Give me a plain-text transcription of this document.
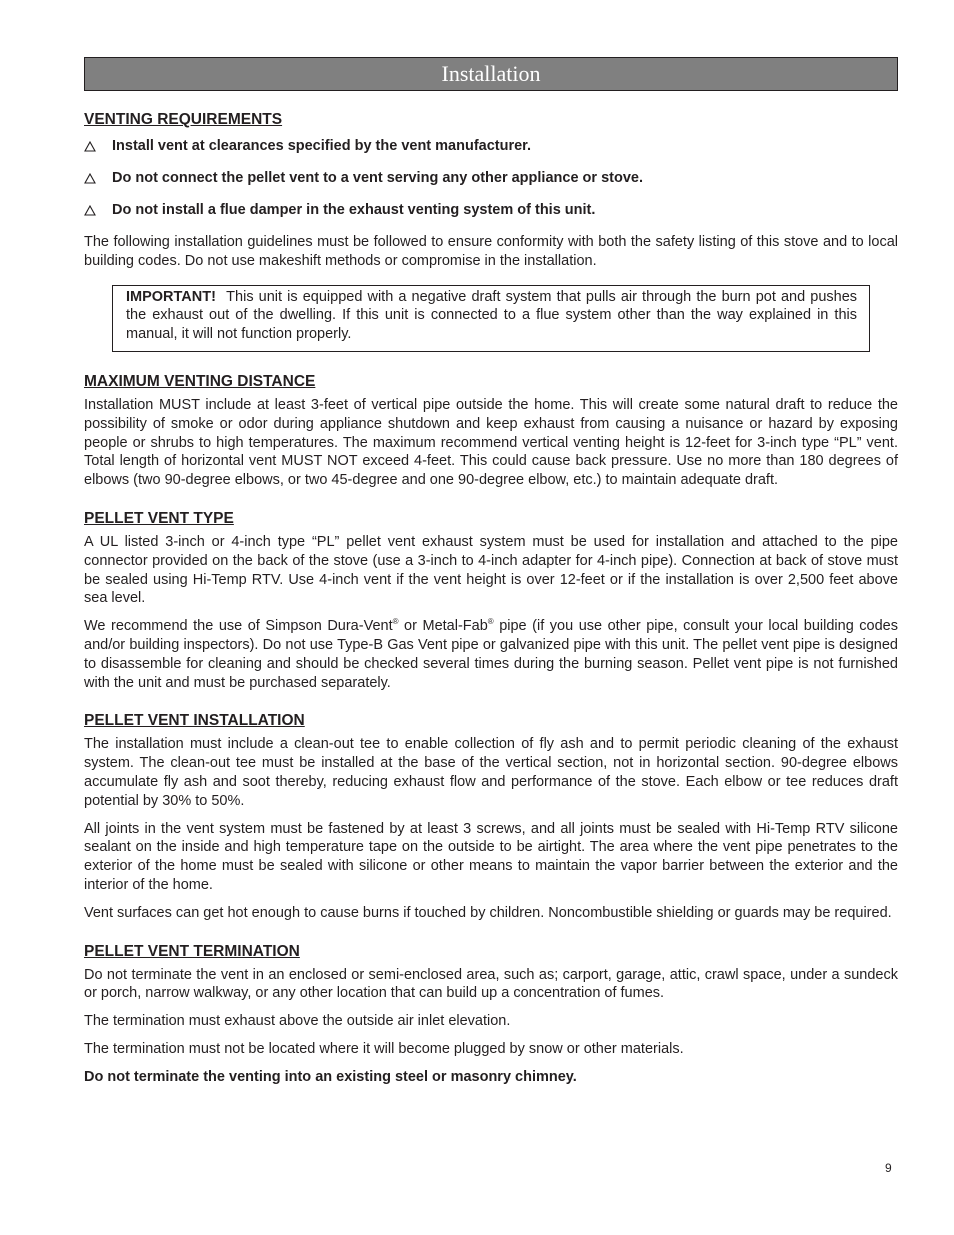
Installation
VENTING REQUIREMENTS
Install vent at clearances specified by the vent manufacturer.
Do not connect the pellet vent to a vent serving any other appliance or stove.
Do not install a flue damper in the exhaust venting system of this unit.

The following installation guidelines must be followed to ensure conformity with both the safety listing of this stove and to local building codes. Do not use makeshift methods or compromise in the installation.

IMPORTANT! This unit is equipped with a negative draft system that pulls air through the burn pot and pushes the exhaust out of the dwelling. If this unit is connected to a flue system other than the way explained in this manual, it will not function properly.

MAXIMUM VENTING DISTANCE

Installation MUST include at least 3-feet of vertical pipe outside the home. This will create some natural draft to reduce the possibility of smoke or odor during appliance shutdown and keep exhaust from causing a nuisance or hazard by exposing people or shrubs to high temperatures. The maximum recommend vertical venting height is 12-feet for 3-inch type “PL” vent. Total length of horizontal vent MUST NOT exceed 4-feet. This could cause back pressure. Use no more than 180 degrees of elbows (two 90-degree elbows, or two 45-degree and one 90-degree elbow, etc.) to maintain adequate draft.

PELLET VENT TYPE

A UL listed 3-inch or 4-inch type “PL” pellet vent exhaust system must be used for installation and attached to the pipe connector provided on the back of the stove (use a 3-inch to 4-inch adapter for 4-inch pipe). Connection at back of stove must be sealed using Hi-Temp RTV. Use 4-inch vent if the vent height is over 12-feet or if the installation is over 2,500 feet above sea level.

We recommend the use of Simpson Dura-Vent® or Metal-Fab® pipe (if you use other pipe, consult your local building codes and/or building inspectors). Do not use Type-B Gas Vent pipe or galvanized pipe with this unit. The pellet vent pipe is designed to disassemble for cleaning and should be checked several times during the burning season. Pellet vent pipe is not furnished with the unit and must be purchased separately.

PELLET VENT INSTALLATION

The installation must include a clean-out tee to enable collection of fly ash and to permit periodic cleaning of the exhaust system. The clean-out tee must be installed at the base of the vertical section, not in horizontal section. 90-degree elbows accumulate fly ash and soot thereby, reducing exhaust flow and performance of the stove. Each elbow or tee reduces draft potential by 30% to 50%.

All joints in the vent system must be fastened by at least 3 screws, and all joints must be sealed with Hi-Temp RTV silicone sealant on the inside and high temperature tape on the outside to be airtight. The area where the vent pipe penetrates to the exterior of the home must be sealed with silicone or other means to maintain the vapor barrier between the exterior and the interior of the home.

Vent surfaces can get hot enough to cause burns if touched by children. Noncombustible shielding or guards may be required.

PELLET VENT TERMINATION

Do not terminate the vent in an enclosed or semi-enclosed area, such as; carport, garage, attic, crawl space, under a sundeck or porch, narrow walkway, or any other location that can build up a concentration of fumes.

The termination must exhaust above the outside air inlet elevation.

The termination must not be located where it will become plugged by snow or other materials.

Do not terminate the venting into an existing steel or masonry chimney.

9
